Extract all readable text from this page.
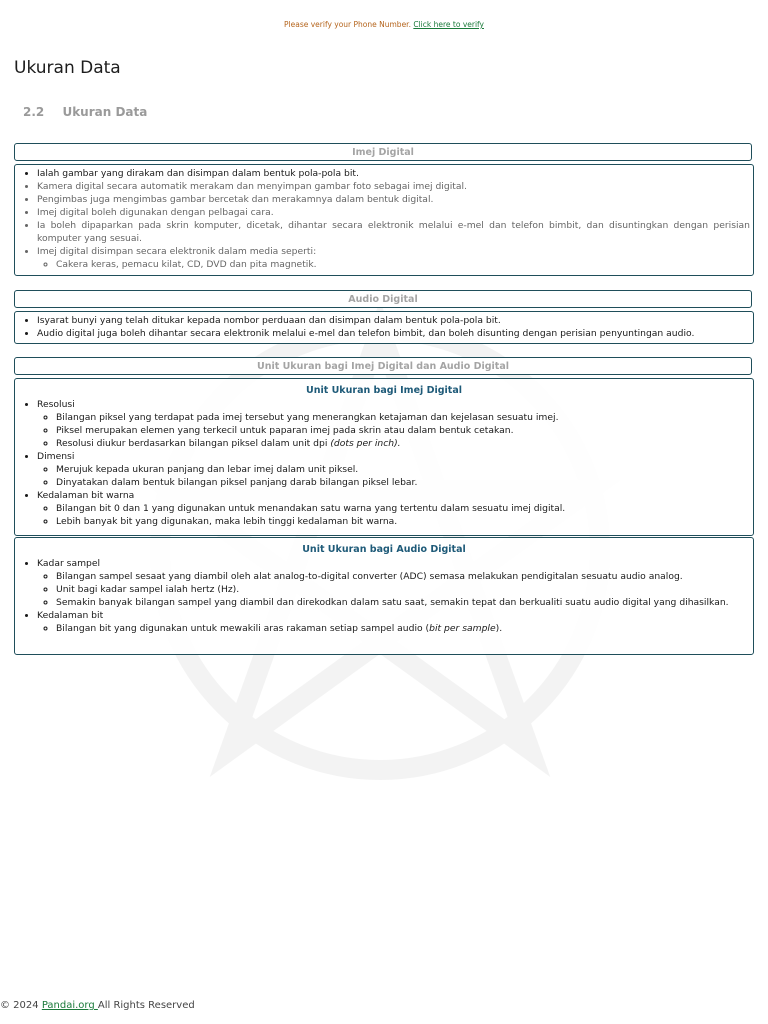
Please verify your Phone Number. Click here to verify
Ukuran Data
2.2 Ukuran Data
Imej Digital
• Ialah gambar yang dirakam dan disimpan dalam bentuk pola-pola bit.
• Kamera digital secara automatik merakam dan menyimpan gambar foto sebagai imej digital.
• Pengimbas juga mengimbas gambar bercetak dan merakamnya dalam bentuk digital.
• Imej digital boleh digunakan dengan pelbagai cara.
• Ia boleh dipaparkan pada skrin komputer, dicetak, dihantar secara elektronik melalui e-mel dan telefon bimbit, dan disuntingkan dengan perisian komputer yang sesuai.
• Imej digital disimpan secara elektronik dalam media seperti:
◦ Cakera keras, pemacu kilat, CD, DVD dan pita magnetik.
Audio Digital
• Isyarat bunyi yang telah ditukar kepada nombor perduaan dan disimpan dalam bentuk pola-pola bit.
• Audio digital juga boleh dihantar secara elektronik melalui e-mel dan telefon bimbit, dan boleh disunting dengan perisian penyuntingan audio.
Unit Ukuran bagi Imej Digital dan Audio Digital
Unit Ukuran bagi Imej Digital
• Resolusi
◦ Bilangan piksel yang terdapat pada imej tersebut yang menerangkan ketajaman dan kejelasan sesuatu imej.
◦ Piksel merupakan elemen yang terkecil untuk paparan imej pada skrin atau dalam bentuk cetakan.
◦ Resolusi diukur berdasarkan bilangan piksel dalam unit dpi (dots per inch).
• Dimensi
◦ Merujuk kepada ukuran panjang dan lebar imej dalam unit piksel.
◦ Dinyatakan dalam bentuk bilangan piksel panjang darab bilangan piksel lebar.
• Kedalaman bit warna
◦ Bilangan bit 0 dan 1 yang digunakan untuk menandakan satu warna yang tertentu dalam sesuatu imej digital.
◦ Lebih banyak bit yang digunakan, maka lebih tinggi kedalaman bit warna.
Unit Ukuran bagi Audio Digital
• Kadar sampel
◦ Bilangan sampel sesaat yang diambil oleh alat analog-to-digital converter (ADC) semasa melakukan pendigitalan sesuatu audio analog.
◦ Unit bagi kadar sampel ialah hertz (Hz).
◦ Semakin banyak bilangan sampel yang diambil dan direkodkan dalam satu saat, semakin tepat dan berkualiti suatu audio digital yang dihasilkan.
• Kedalaman bit
◦ Bilangan bit yang digunakan untuk mewakili aras rakaman setiap sampel audio (bit per sample).
© 2024 Pandai.org All Rights Reserved
